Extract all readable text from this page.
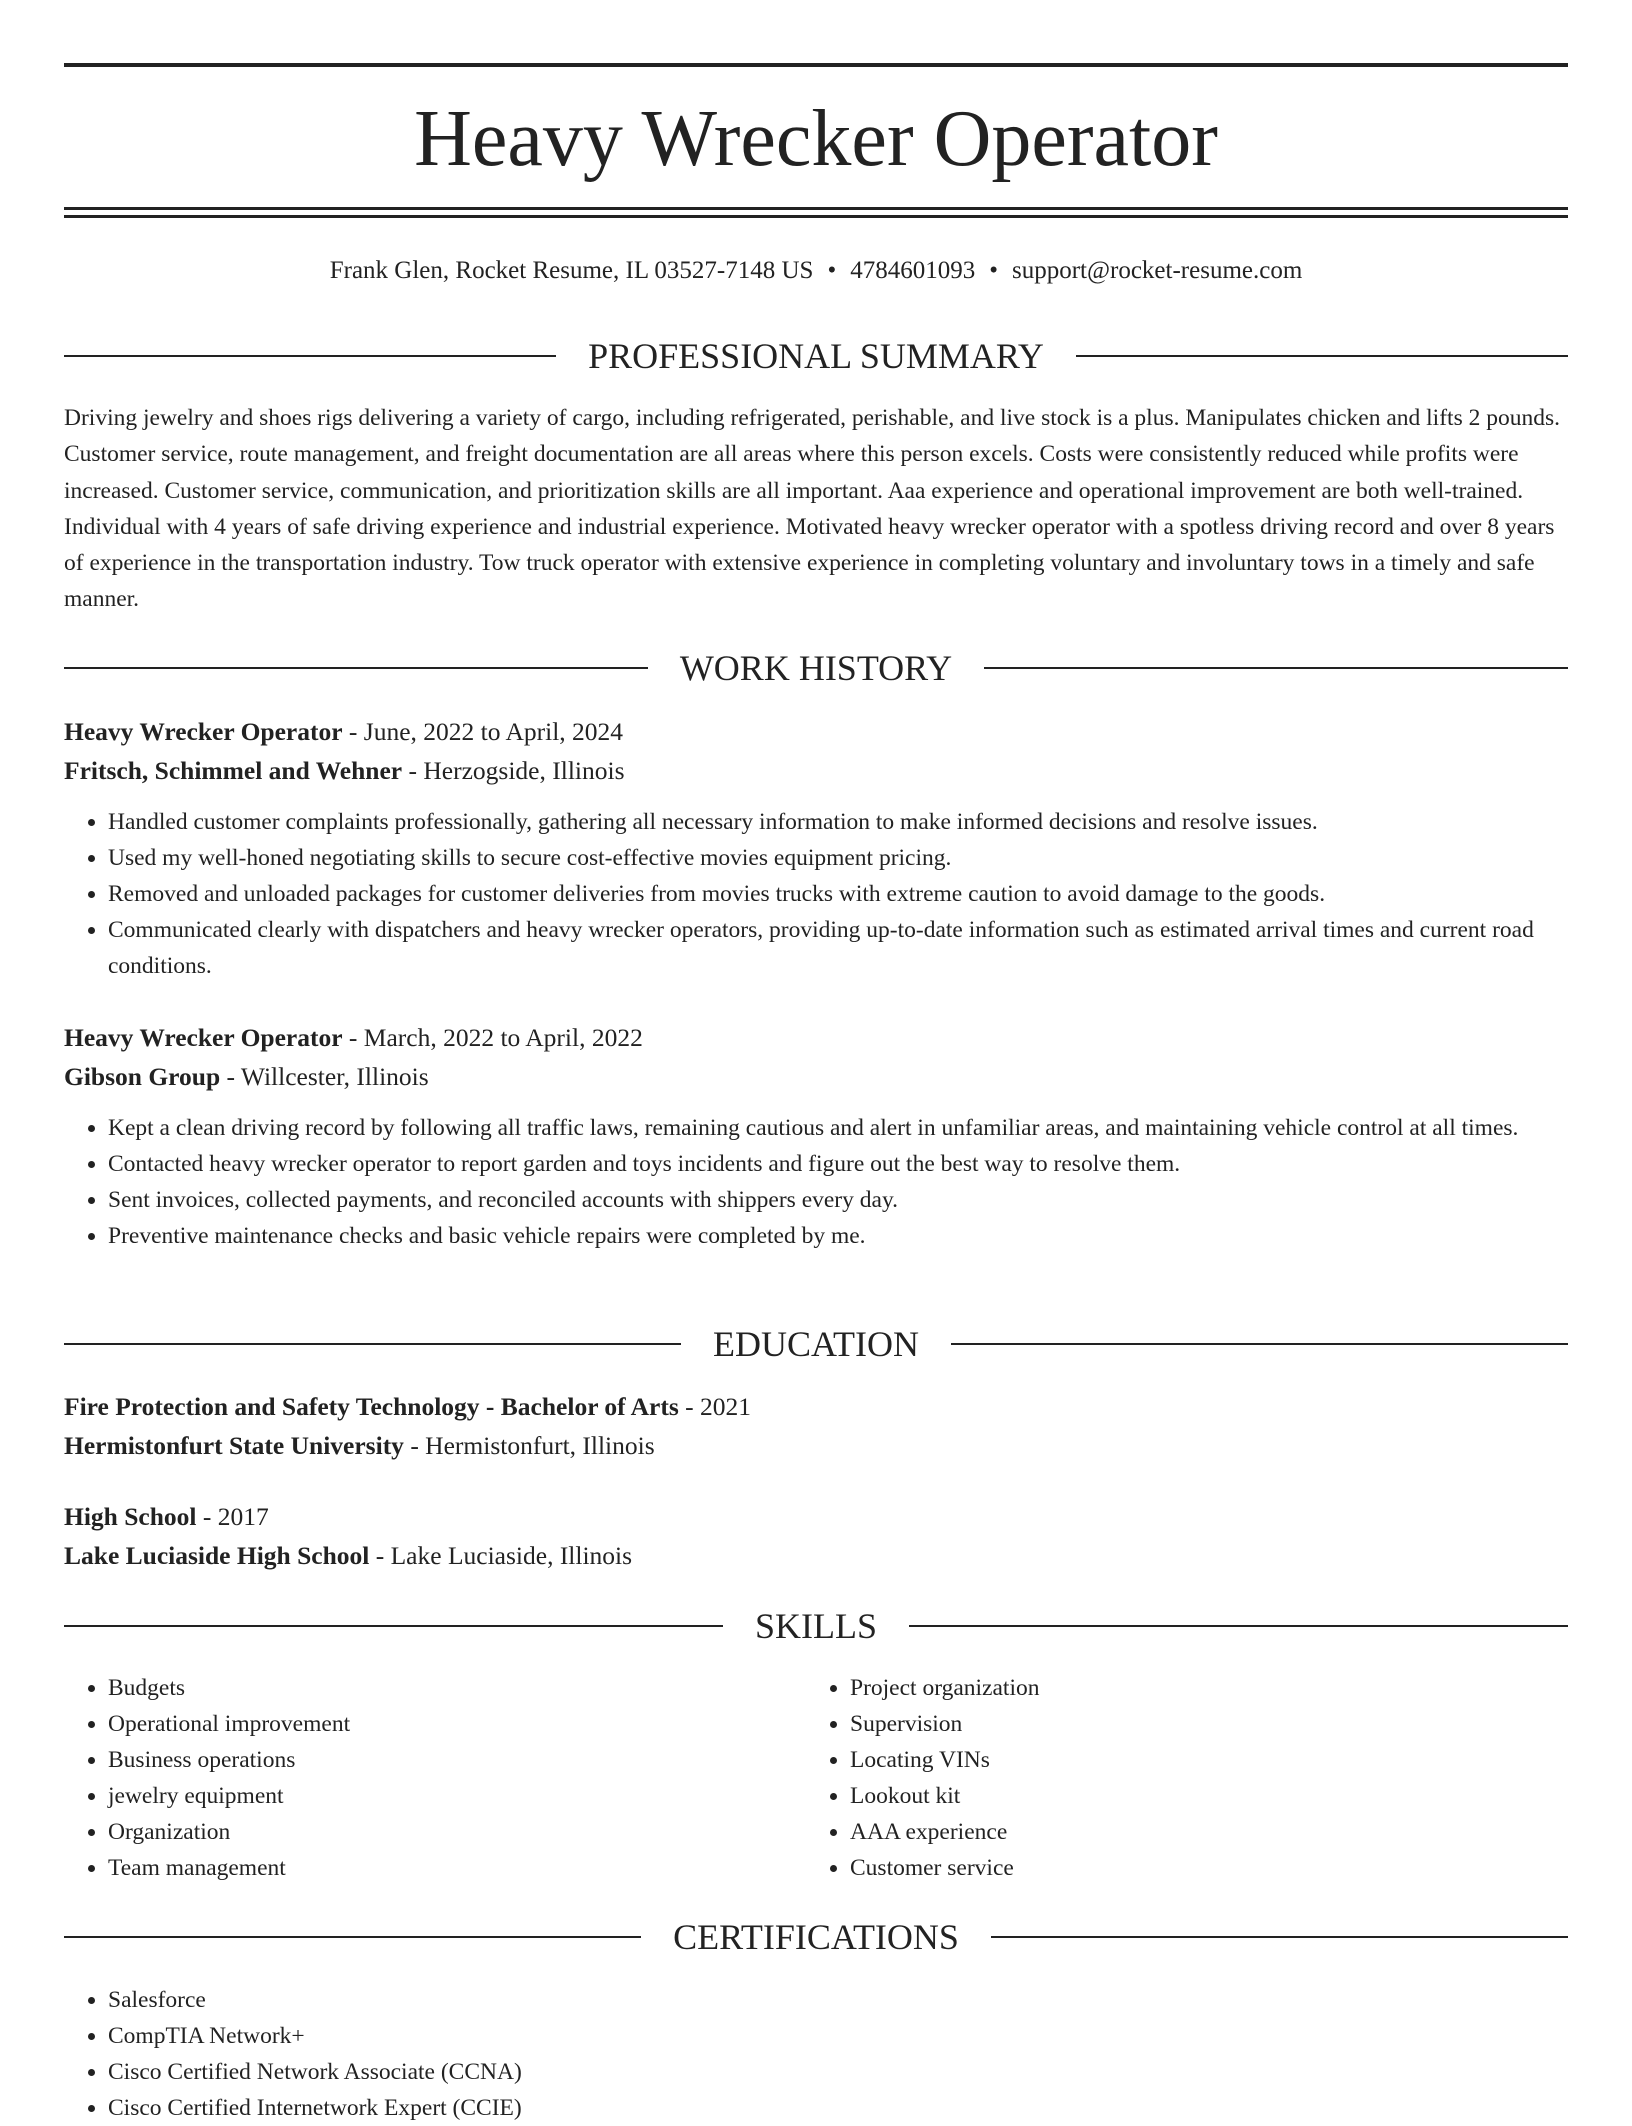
Heavy Wrecker Operator
Frank Glen, Rocket Resume, IL 03527-7148 US • 4784601093 • support@rocket-resume.com
PROFESSIONAL SUMMARY

Driving jewelry and shoes rigs delivering a variety of cargo, including refrigerated, perishable, and live stock is a plus. Manipulates chicken and lifts 2 pounds. Customer service, route management, and freight documentation are all areas where this person excels. Costs were consistently reduced while profits were increased. Customer service, communication, and prioritization skills are all important. Aaa experience and operational improvement are both well-trained. Individual with 4 years of safe driving experience and industrial experience. Motivated heavy wrecker operator with a spotless driving record and over 8 years of experience in the transportation industry. Tow truck operator with extensive experience in completing voluntary and involuntary tows in a timely and safe manner.

WORK HISTORY
Heavy Wrecker Operator - June, 2022 to April, 2024
Fritsch, Schimmel and Wehner - Herzogside, Illinois
• Handled customer complaints professionally, gathering all necessary information to make informed decisions and resolve issues.
• Used my well-honed negotiating skills to secure cost-effective movies equipment pricing.
• Removed and unloaded packages for customer deliveries from movies trucks with extreme caution to avoid damage to the goods.
• Communicated clearly with dispatchers and heavy wrecker operators, providing up-to-date information such as estimated arrival times and current road conditions.
Heavy Wrecker Operator - March, 2022 to April, 2022
Gibson Group - Willcester, Illinois
• Kept a clean driving record by following all traffic laws, remaining cautious and alert in unfamiliar areas, and maintaining vehicle control at all times.
• Contacted heavy wrecker operator to report garden and toys incidents and figure out the best way to resolve them.
• Sent invoices, collected payments, and reconciled accounts with shippers every day.
• Preventive maintenance checks and basic vehicle repairs were completed by me.
EDUCATION
Fire Protection and Safety Technology - Bachelor of Arts - 2021
Hermistonfurt State University - Hermistonfurt, Illinois
High School - 2017
Lake Luciaside High School - Lake Luciaside, Illinois
SKILLS
• Budgets
• Operational improvement
• Business operations
• jewelry equipment
• Organization
• Team management
• Project organization
• Supervision
• Locating VINs
• Lookout kit
• AAA experience
• Customer service
CERTIFICATIONS
• Salesforce
• CompTIA Network+
• Cisco Certified Network Associate (CCNA)
• Cisco Certified Internetwork Expert (CCIE)
